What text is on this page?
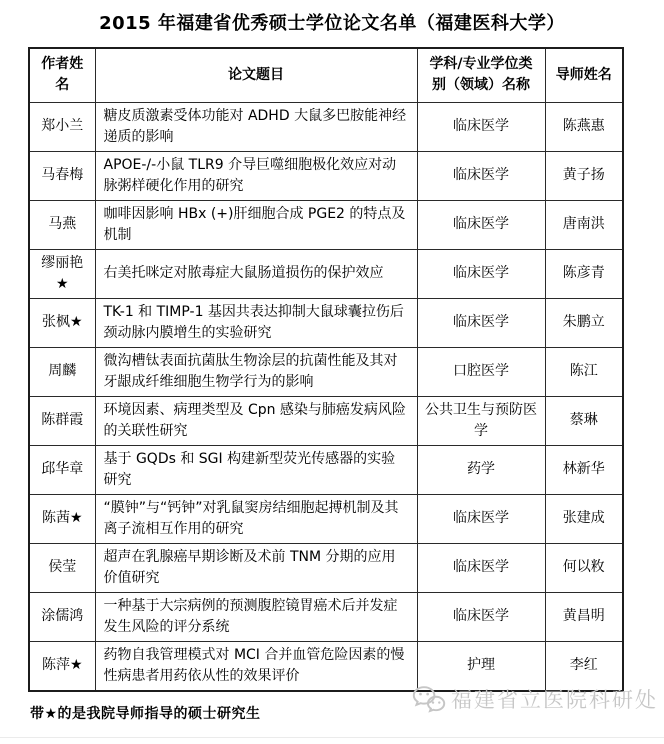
2015 年福建省优秀硕士学位论文名单（福建医科大学）
作者姓名	论文题目	学科/专业学位类别（领域）名称	导师姓名
郑小兰	糖皮质激素受体功能对 ADHD 大鼠多巴胺能神经递质的影响	临床医学	陈燕惠
马春梅	APOE-/-小鼠 TLR9 介导巨噬细胞极化效应对动脉粥样硬化作用的研究	临床医学	黄子扬
马燕	咖啡因影响 HBx (+)肝细胞合成 PGE2 的特点及机制	临床医学	唐南洪
缪丽艳★	右美托咪定对脓毒症大鼠肠道损伤的保护效应	临床医学	陈彦青
张枫★	TK-1 和 TIMP-1 基因共表达抑制大鼠球囊拉伤后颈动脉内膜增生的实验研究	临床医学	朱鹏立
周麟	微沟槽钛表面抗菌肽生物涂层的抗菌性能及其对牙龈成纤维细胞生物学行为的影响	口腔医学	陈江
陈群霞	环境因素、病理类型及 Cpn 感染与肺癌发病风险的关联性研究	公共卫生与预防医学	蔡琳
邱华章	基于 GQDs 和 SGI 构建新型荧光传感器的实验研究	药学	林新华
陈茜★	“膜钟”与“钙钟”对乳鼠窦房结细胞起搏机制及其离子流相互作用的研究	临床医学	张建成
侯莹	超声在乳腺癌早期诊断及术前 TNM 分期的应用价值研究	临床医学	何以敉
涂儒鸿	一种基于大宗病例的预测腹腔镜胃癌术后并发症发生风险的评分系统	临床医学	黄昌明
陈萍★	药物自我管理模式对 MCI 合并血管危险因素的慢性病患者用药依从性的效果评价	护理	李红

带★的是我院导师指导的硕士研究生

福建省立医院科研处
